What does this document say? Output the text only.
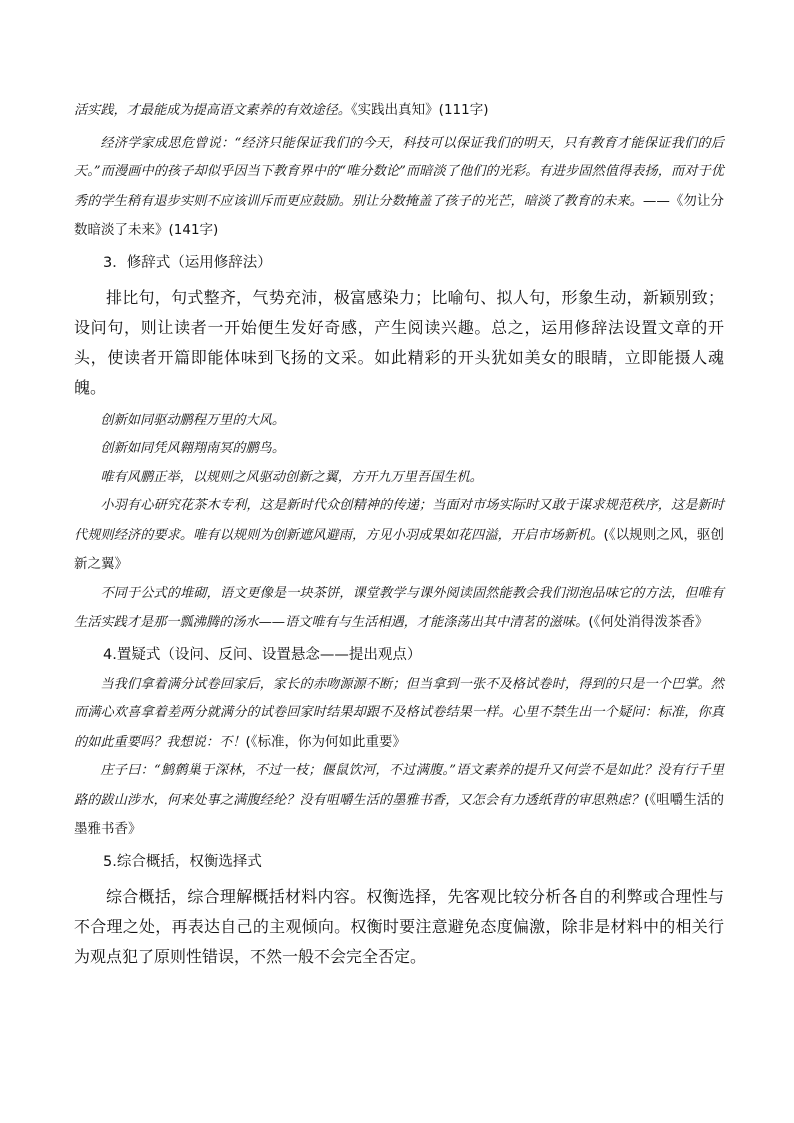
活实践，才最能成为提高语文素养的有效途径。《实践出真知》(111字)

经济学家成思危曾说：“经济只能保证我们的今天，科技可以保证我们的明天，只有教育才能保证我们的后天。”而漫画中的孩子却似乎因当下教育界中的“唯分数论”而暗淡了他们的光彩。有进步固然值得表扬，而对于优秀的学生稍有退步实则不应该训斥而更应鼓励。别让分数掩盖了孩子的光芒，暗淡了教育的未来。——《勿让分数暗淡了未来》(141字)

3．修辞式（运用修辞法）

排比句，句式整齐，气势充沛，极富感染力；比喻句、拟人句，形象生动，新颖别致；设问句，则让读者一开始便生发好奇感，产生阅读兴趣。总之，运用修辞法设置文章的开头，使读者开篇即能体味到飞扬的文采。如此精彩的开头犹如美女的眼睛，立即能摄人魂魄。

创新如同驱动鹏程万里的大风。

创新如同凭风翱翔南冥的鹏鸟。

唯有风鹏正举，以规则之风驱动创新之翼，方开九万里吾国生机。

小羽有心研究花茶木专利，这是新时代众创精神的传递；当面对市场实际时又敢于谋求规范秩序，这是新时代规则经济的要求。唯有以规则为创新遮风避雨，方见小羽成果如花四溢，开启市场新机。(《以规则之风，驱创新之翼》

不同于公式的堆砌，语文更像是一块茶饼，课堂教学与课外阅读固然能教会我们沏泡品味它的方法，但唯有生活实践才是那一瓢沸腾的汤水——语文唯有与生活相遇，才能涤荡出其中清茗的滋味。(《何处消得泼茶香》

4.置疑式（设问、反问、设置悬念——提出观点）

当我们拿着满分试卷回家后，家长的赤吻源源不断；但当拿到一张不及格试卷时，得到的只是一个巴掌。然而满心欢喜拿着差两分就满分的试卷回家时结果却跟不及格试卷结果一样。心里不禁生出一个疑问：标准，你真的如此重要吗？我想说：不！(《标准，你为何如此重要》

庄子曰：“鹪鹩巢于深林，不过一枝；偃鼠饮河，不过满腹。”语文素养的提升又何尝不是如此？没有行千里路的跋山涉水，何来处事之满腹经纶？没有咀嚼生活的墨雅书香，又怎会有力透纸背的审思熟虑？(《咀嚼生活的墨雅书香》

5.综合概括，权衡选择式

综合概括，综合理解概括材料内容。权衡选择，先客观比较分析各自的利弊或合理性与不合理之处，再表达自己的主观倾向。权衡时要注意避免态度偏激，除非是材料中的相关行为观点犯了原则性错误，不然一般不会完全否定。
